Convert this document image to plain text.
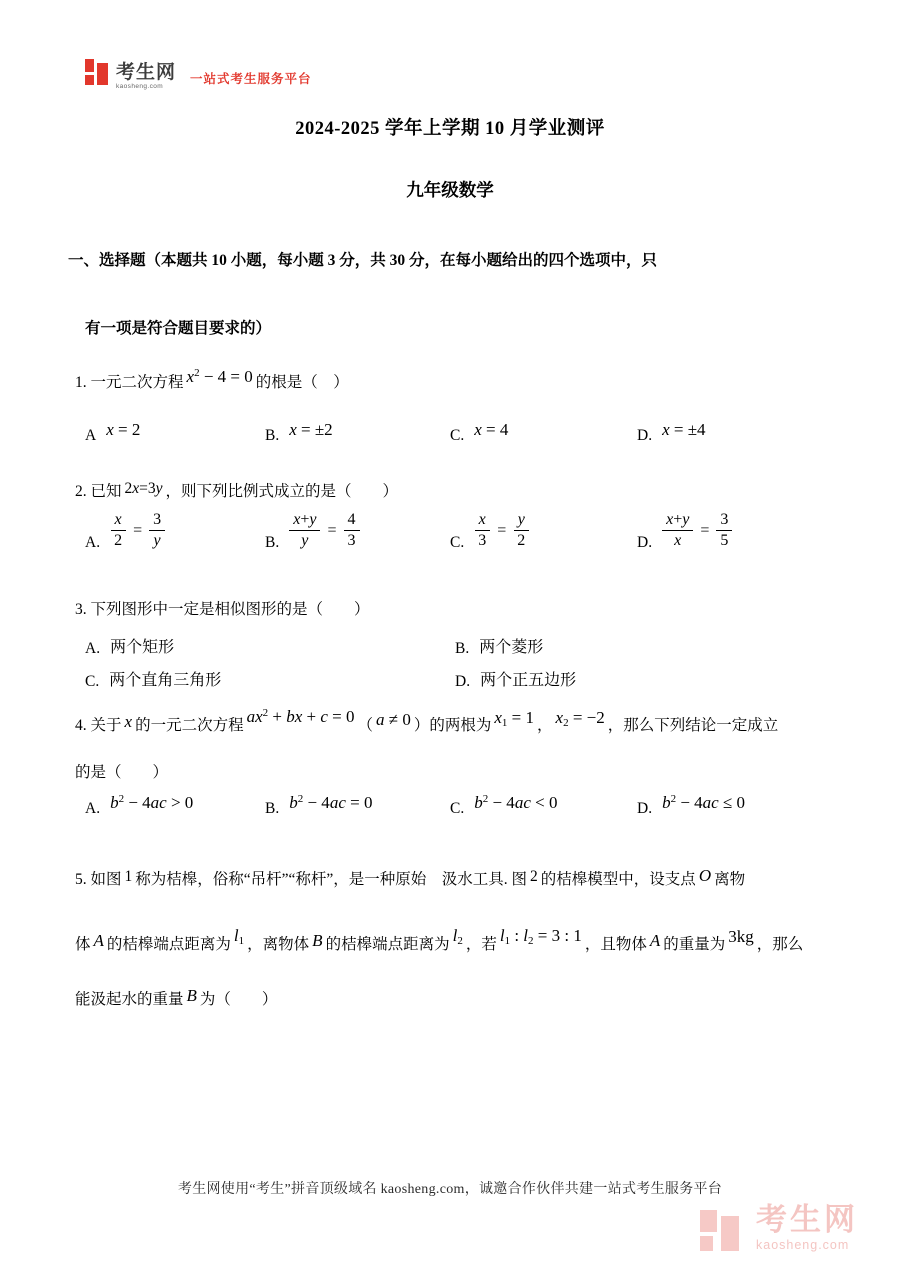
考生网
kaosheng.com
一站式考生服务平台
2024-2025 学年上学期 10 月学业测评
九年级数学
一、选择题（本题共 10 小题，每小题 3 分，共 30 分，在每小题给出的四个选项中，只
有一项是符合题目要求的）
1. 一元二次方程 $x^2 - 4 = 0$ 的根是（　）
A x = 2	B. x = ±2	C. x = 4	D. x = ±4
2. 已知 2x=3y ，则下列比例式成立的是（　　）
A. $\frac{x}{2} = \frac{3}{y}$	B. $\frac{x+y}{y} = \frac{4}{3}$	C. $\frac{x}{3} = \frac{y}{2}$	D. $\frac{x+y}{x} = \frac{3}{5}$
3. 下列图形中一定是相似图形的是（　　）
A. 两个矩形	B. 两个菱形
C. 两个直角三角形	D. 两个正五边形
4. 关于 x 的一元二次方程 $ax^2$ + bx + c = 0 （ a ≠ 0 ）的两根为 $x_1 = 1$ ， $x_2 = -2$ ，那么下列结论一定成立
的是（　　）
A. $b^2 - 4ac > 0$	B. $b^2 - 4ac = 0$	C. $b^2 - 4ac < 0$	D. $b^2 - 4ac \le 0$
5. 如图 1 称为桔槔，俗称“吊杆”“称杆”，是一种原始　汲水工具. 图 2 的桔槔模型中，设支点 O 离物
体 A 的桔槔端点距离为 $l_1$ ，离物体 B 的桔槔端点距离为 $l_2$ ，若 $l_1$ : $l_2 = 3$ : 1 ，且物体 A 的重量为 3kg ，那么
能汲起水的重量 B 为（　　）
考生网使用“考生”拼音顶级域名 kaosheng.com，诚邀合作伙伴共建一站式考生服务平台
考生网
kaosheng.com
